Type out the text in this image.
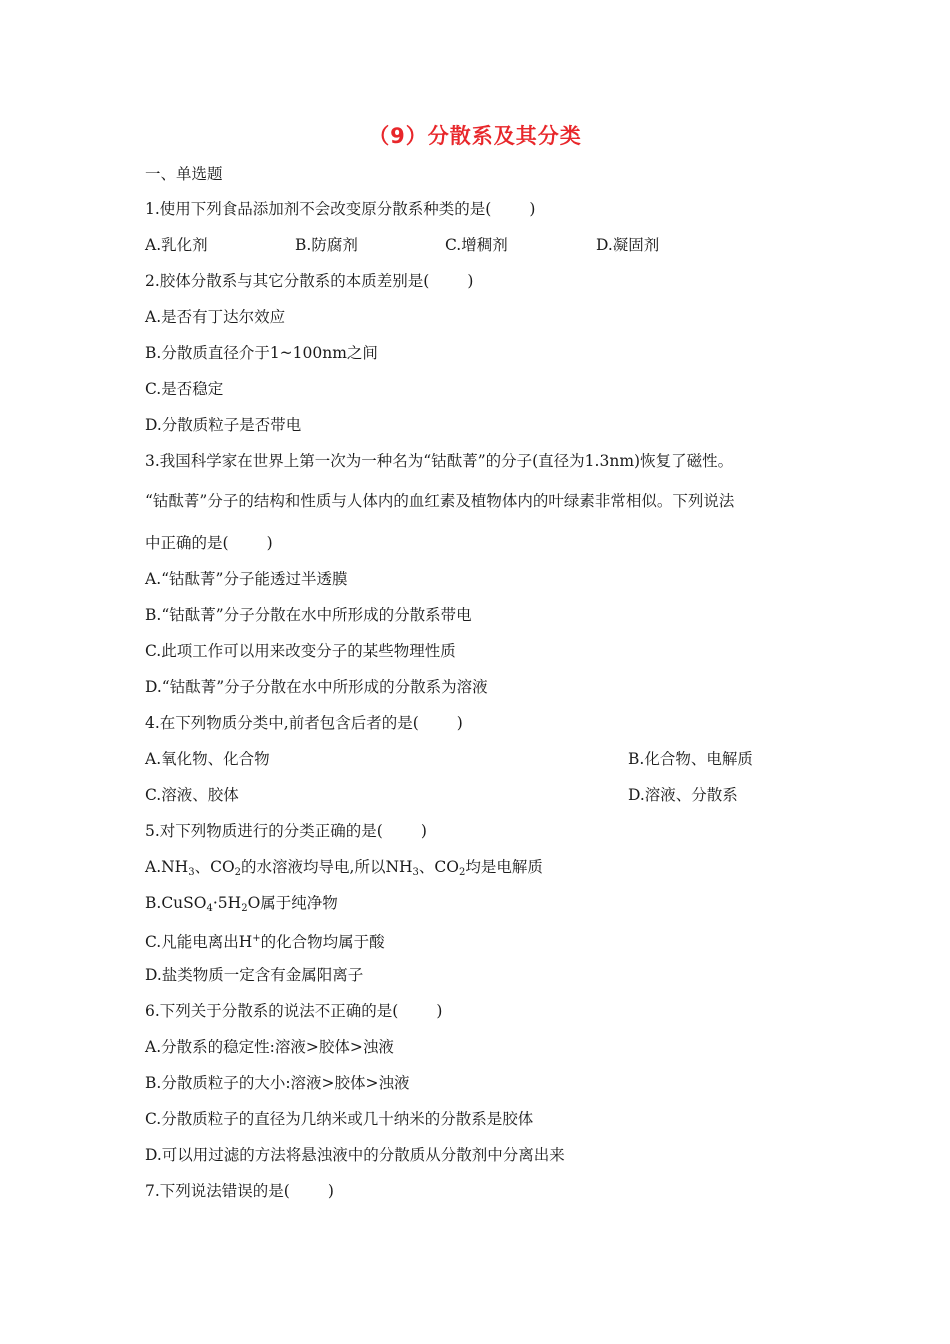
（9）分散系及其分类
一、单选题
1.使用下列食品添加剂不会改变原分散系种类的是( )
A.乳化剂	B.防腐剂	C.增稠剂	D.凝固剂
2.胶体分散系与其它分散系的本质差别是( )
A.是否有丁达尔效应
B.分散质直径介于1~100nm之间
C.是否稳定
D.分散质粒子是否带电
3.我国科学家在世界上第一次为一种名为“钴酞菁”的分子(直径为1.3nm)恢复了磁性。
“钴酞菁”分子的结构和性质与人体内的血红素及植物体内的叶绿素非常相似。下列说法
中正确的是( )
A.“钴酞菁”分子能透过半透膜
B.“钴酞菁”分子分散在水中所形成的分散系带电
C.此项工作可以用来改变分子的某些物理性质
D.“钴酞菁”分子分散在水中所形成的分散系为溶液
4.在下列物质分类中,前者包含后者的是( )
A.氧化物、化合物	B.化合物、电解质
C.溶液、胶体	D.溶液、分散系
5.对下列物质进行的分类正确的是( )
$A.NH_3$、$CO_2$的水溶液均导电,所以$NH_3$、$CO_2$均是电解质
$B.CuSO_4\cdot 5H_2O$属于纯净物
C.凡能电离出H+的化合物均属于酸
D.盐类物质一定含有金属阳离子
6.下列关于分散系的说法不正确的是( )
A.分散系的稳定性:溶液>胶体>浊液
B.分散质粒子的大小:溶液>胶体>浊液
C.分散质粒子的直径为几纳米或几十纳米的分散系是胶体
D.可以用过滤的方法将悬浊液中的分散质从分散剂中分离出来
7.下列说法错误的是( )
